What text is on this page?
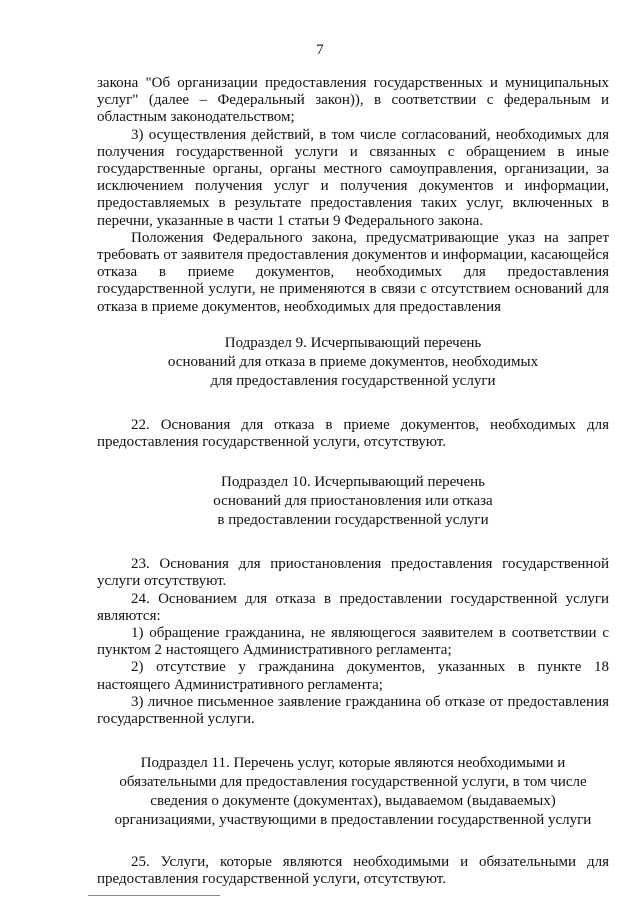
7

закона "Об организации предоставления государственных и муниципальных услуг" (далее – Федеральный закон)), в соответствии с федеральным и областным законодательством;

3) осуществления действий, в том числе согласований, необходимых для получения государственной услуги и связанных с обращением в иные государственные органы, органы местного самоуправления, организации, за исключением получения услуг и получения документов и информации, предоставляемых в результате предоставления таких услуг, включенных в перечни, указанные в части 1 статьи 9 Федерального закона.

Положения Федерального закона, предусматривающие указ на запрет требовать от заявителя предоставления документов и информации, касающейся отказа в приеме документов, необходимых для предоставления государственной услуги, не применяются в связи с отсутствием оснований для отказа в приеме документов, необходимых для предоставления

Подраздел 9. Исчерпывающий перечень
оснований для отказа в приеме документов, необходимых
для предоставления государственной услуги

22. Основания для отказа в приеме документов, необходимых для предоставления государственной услуги, отсутствуют.

Подраздел 10. Исчерпывающий перечень
оснований для приостановления или отказа
в предоставлении государственной услуги

23. Основания для приостановления предоставления государственной услуги отсутствуют.

24. Основанием для отказа в предоставлении государственной услуги являются:

1) обращение гражданина, не являющегося заявителем в соответствии с пунктом 2 настоящего Административного регламента;

2) отсутствие у гражданина документов, указанных в пункте 18 настоящего Административного регламента;

3) личное письменное заявление гражданина об отказе от предоставления государственной услуги.

Подраздел 11. Перечень услуг, которые являются необходимыми и
обязательными для предоставления государственной услуги, в том числе
сведения о документе (документах), выдаваемом (выдаваемых)
организациями, участвующими в предоставлении государственной услуги

25. Услуги, которые являются необходимыми и обязательными для предоставления государственной услуги, отсутствуют.
